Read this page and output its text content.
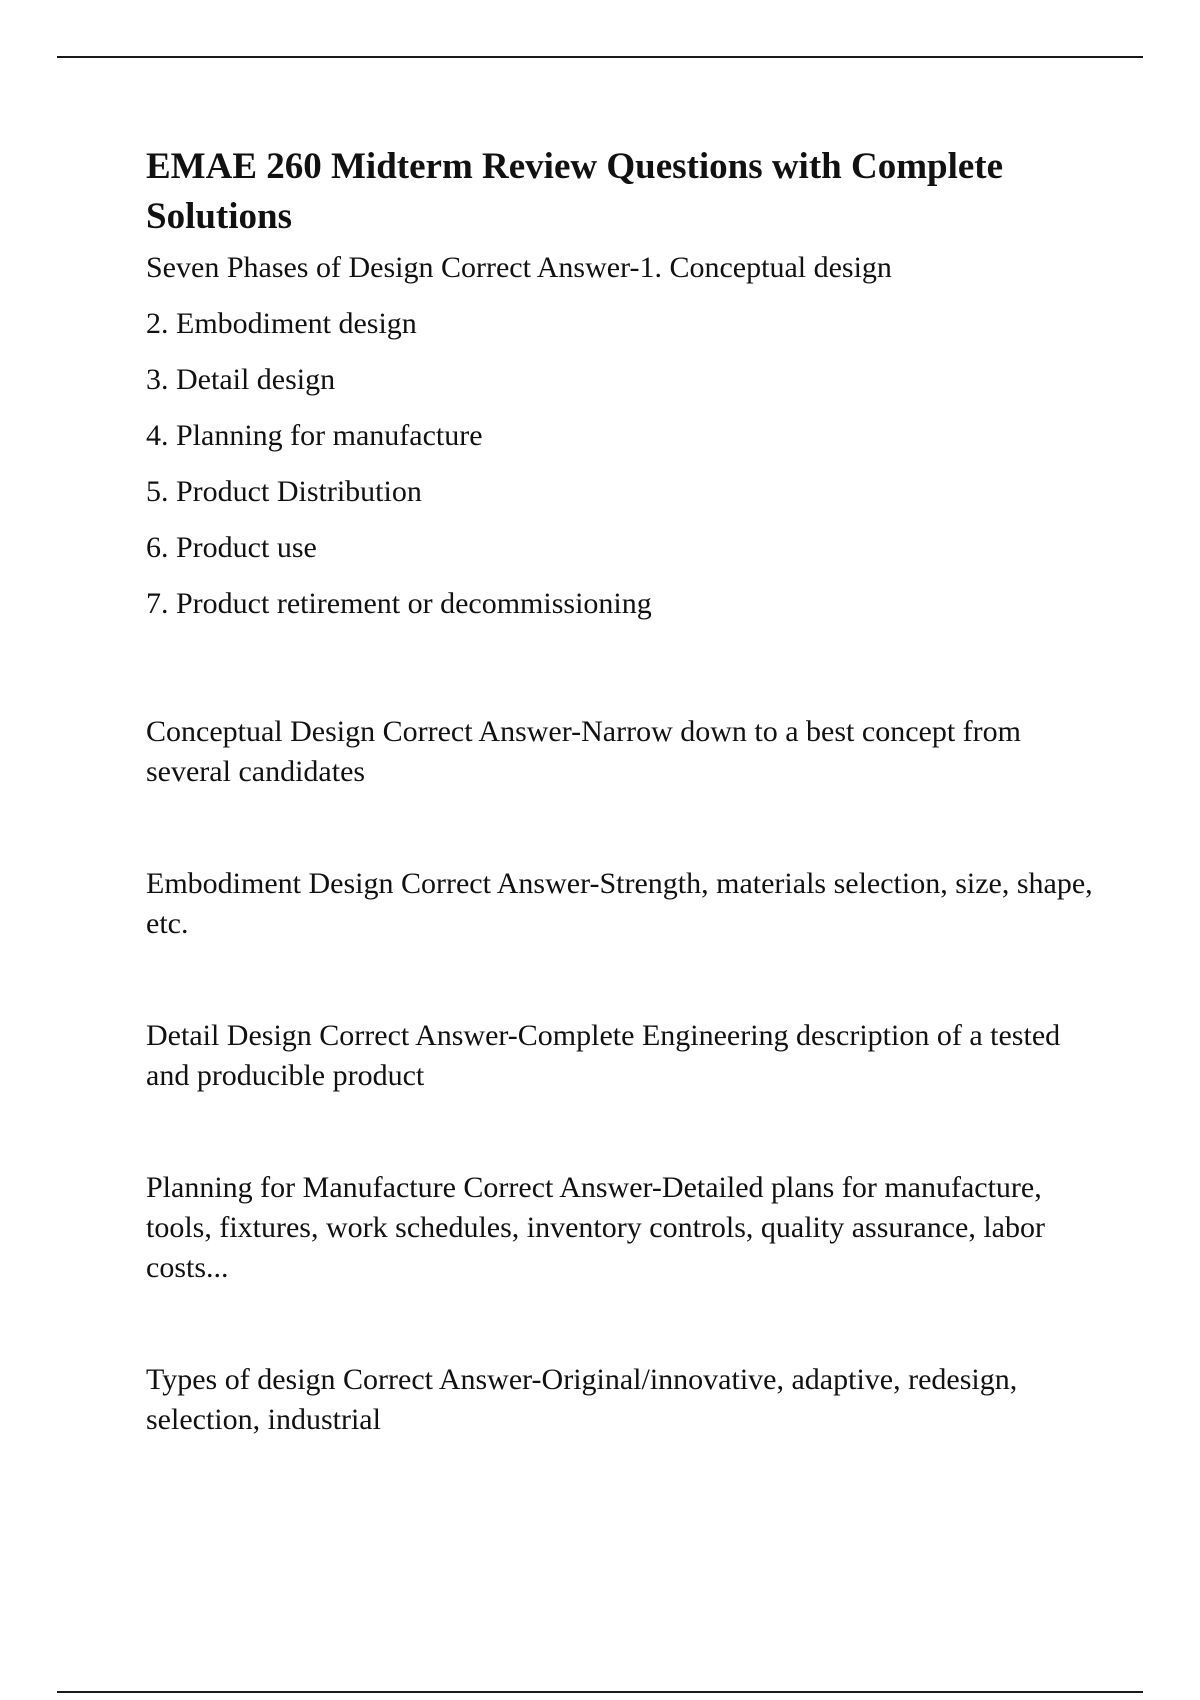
EMAE 260 Midterm Review Questions with Complete Solutions

Seven Phases of Design Correct Answer-1. Conceptual design

2. Embodiment design
3. Detail design
4. Planning for manufacture
5. Product Distribution
6. Product use
7. Product retirement or decommissioning

Conceptual Design Correct Answer-Narrow down to a best concept from several candidates

Embodiment Design Correct Answer-Strength, materials selection, size, shape, etc.

Detail Design Correct Answer-Complete Engineering description of a tested and producible product

Planning for Manufacture Correct Answer-Detailed plans for manufacture, tools, fixtures, work schedules, inventory controls, quality assurance, labor costs...

Types of design Correct Answer-Original/innovative, adaptive, redesign, selection, industrial
